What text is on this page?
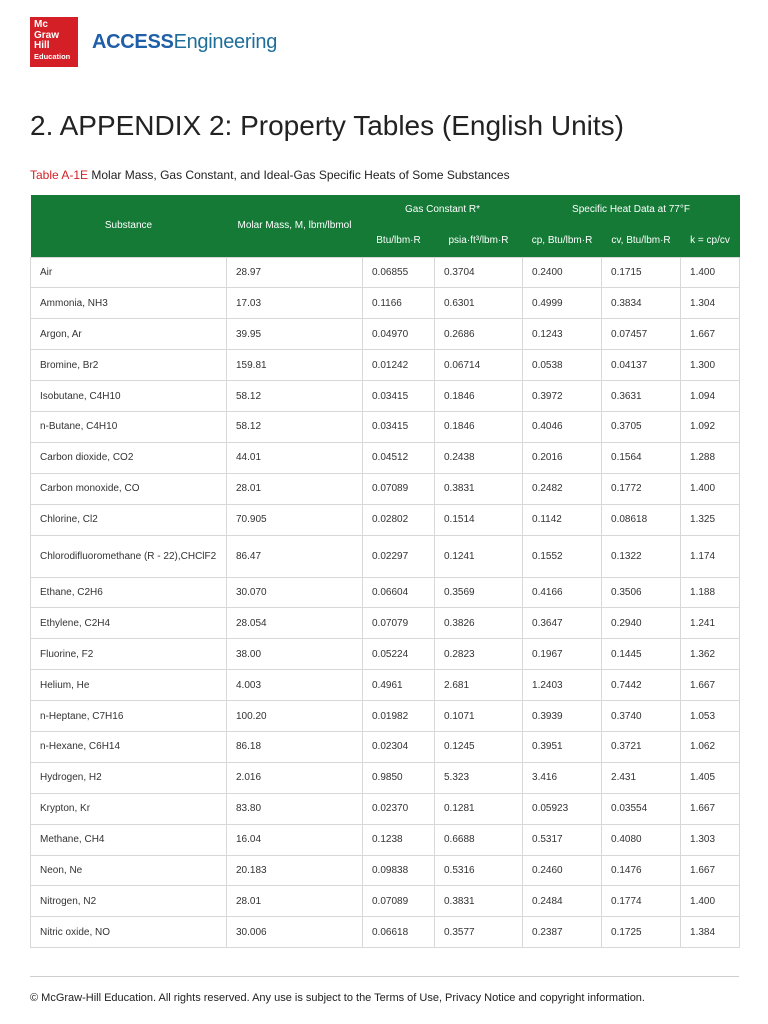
Mc
Graw
Hill
Education
ACCESSEngineering
2. APPENDIX 2: Property Tables (English Units)
Table A-1E Molar Mass, Gas Constant, and Ideal-Gas Specific Heats of Some Substances
Substance	Molar Mass, M, lbm/lbmol	Gas Constant R*		Specific Heat Data at 77°F		
		Btu/lbm·R	psia·ft³/lbm·R	cp, Btu/lbm·R	cv, Btu/lbm·R	k = cp/cv
Air	28.97	0.06855	0.3704	0.2400	0.1715	1.400
Ammonia, NH3	17.03	0.1166	0.6301	0.4999	0.3834	1.304
Argon, Ar	39.95	0.04970	0.2686	0.1243	0.07457	1.667
Bromine, Br2	159.81	0.01242	0.06714	0.0538	0.04137	1.300
Isobutane, C4H10	58.12	0.03415	0.1846	0.3972	0.3631	1.094
n-Butane, C4H10	58.12	0.03415	0.1846	0.4046	0.3705	1.092
Carbon dioxide, CO2	44.01	0.04512	0.2438	0.2016	0.1564	1.288
Carbon monoxide, CO	28.01	0.07089	0.3831	0.2482	0.1772	1.400
Chlorine, Cl2	70.905	0.02802	0.1514	0.1142	0.08618	1.325
Chlorodifluoromethane (R - 22),CHClF2	86.47	0.02297	0.1241	0.1552	0.1322	1.174
Ethane, C2H6	30.070	0.06604	0.3569	0.4166	0.3506	1.188
Ethylene, C2H4	28.054	0.07079	0.3826	0.3647	0.2940	1.241
Fluorine, F2	38.00	0.05224	0.2823	0.1967	0.1445	1.362
Helium, He	4.003	0.4961	2.681	1.2403	0.7442	1.667
n-Heptane, C7H16	100.20	0.01982	0.1071	0.3939	0.3740	1.053
n-Hexane, C6H14	86.18	0.02304	0.1245	0.3951	0.3721	1.062
Hydrogen, H2	2.016	0.9850	5.323	3.416	2.431	1.405
Krypton, Kr	83.80	0.02370	0.1281	0.05923	0.03554	1.667
Methane, CH4	16.04	0.1238	0.6688	0.5317	0.4080	1.303
Neon, Ne	20.183	0.09838	0.5316	0.2460	0.1476	1.667
Nitrogen, N2	28.01	0.07089	0.3831	0.2484	0.1774	1.400
Nitric oxide, NO	30.006	0.06618	0.3577	0.2387	0.1725	1.384
© McGraw-Hill Education. All rights reserved. Any use is subject to the Terms of Use, Privacy Notice and copyright information.
